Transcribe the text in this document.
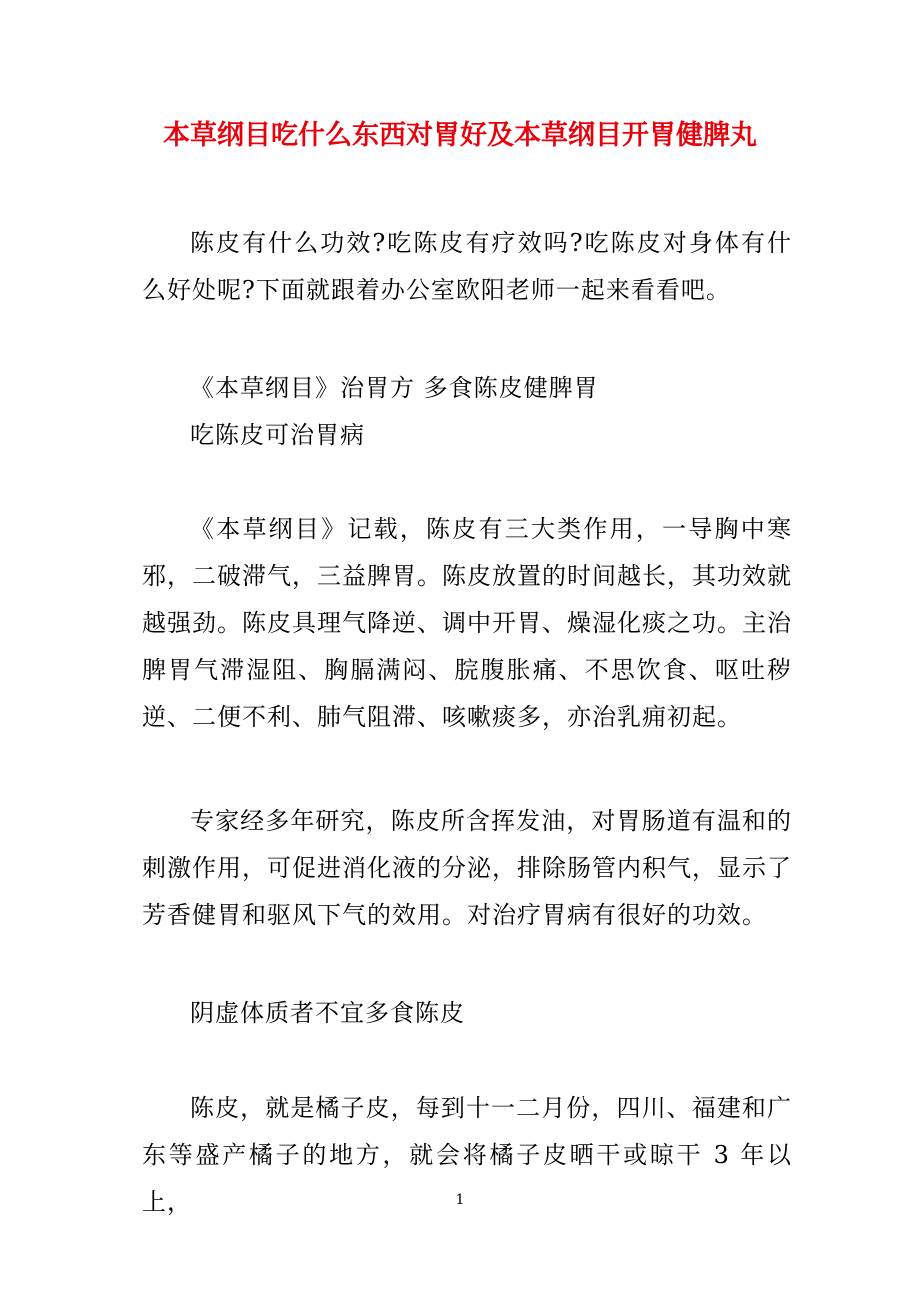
本草纲目吃什么东西对胃好及本草纲目开胃健脾丸

陈皮有什么功效?吃陈皮有疗效吗?吃陈皮对身体有什么好处呢?下面就跟着办公室欧阳老师一起来看看吧。

《本草纲目》治胃方 多食陈皮健脾胃

吃陈皮可治胃病

《本草纲目》记载，陈皮有三大类作用，一导胸中寒邪，二破滞气，三益脾胃。陈皮放置的时间越长，其功效就越强劲。陈皮具理气降逆、调中开胃、燥湿化痰之功。主治脾胃气滞湿阻、胸膈满闷、脘腹胀痛、不思饮食、呕吐秽逆、二便不利、肺气阻滞、咳嗽痰多，亦治乳痈初起。

专家经多年研究，陈皮所含挥发油，对胃肠道有温和的刺激作用，可促进消化液的分泌，排除肠管内积气，显示了芳香健胃和驱风下气的效用。对治疗胃病有很好的功效。

阴虚体质者不宜多食陈皮

陈皮，就是橘子皮，每到十一二月份，四川、福建和广东等盛产橘子的地方，就会将橘子皮晒干或晾干 3 年以上，	1
